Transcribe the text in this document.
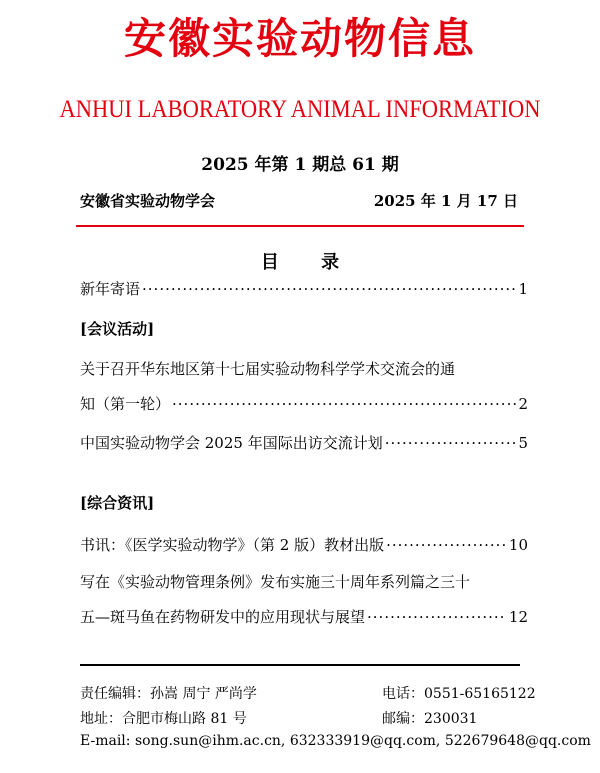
安徽实验动物信息
ANHUI LABORATORY ANIMAL INFORMATION
2025 年第 1 期总 61 期
安徽省实验动物学会	2025 年 1 月 17 日
目 录
新年寄语 ·····	1
[会议活动]
关于召开华东地区第十七届实验动物科学学术交流会的通
知（第一轮） ·····	2
中国实验动物学会 2025 年国际出访交流计划 ·····	5
[综合资讯]
书讯：《医学实验动物学》（第 2 版）教材出版 ·····	10
写在《实验动物管理条例》发布实施三十周年系列篇之三十
五—斑马鱼在药物研发中的应用现状与展望 ·····	12
责任编辑：孙嵩 周宁 严尚学	电话：0551-65165122
地址：合肥市梅山路 81 号	邮编：230031
E-mail: song.sun@ihm.ac.cn, 632333919@qq.com, 522679648@qq.com
